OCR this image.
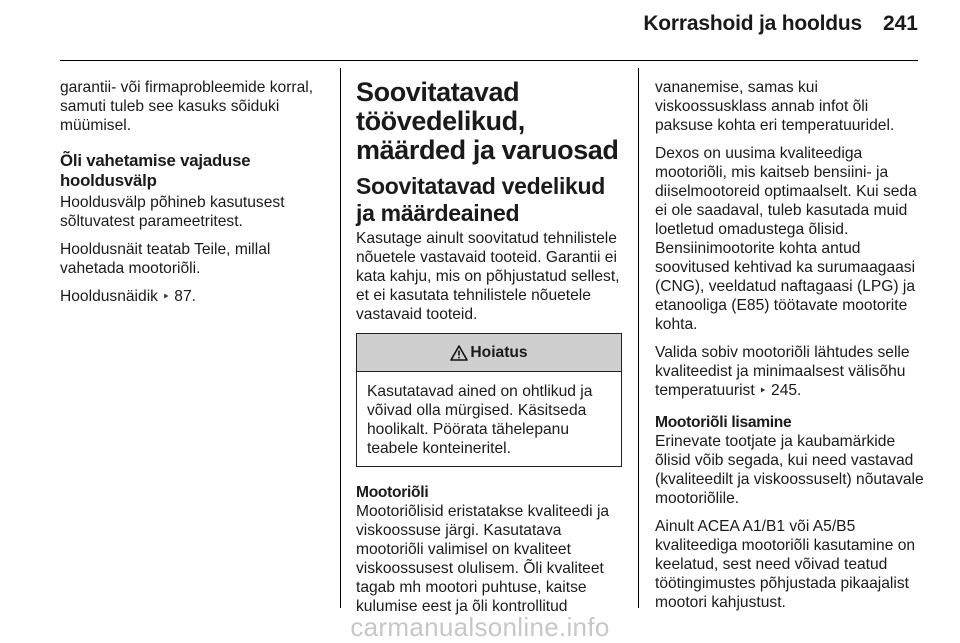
Korrashoid ja hooldus 241

garantii- või firmaprobleemide korral, samuti tuleb see kasuks sõiduki müümisel.

Õli vahetamise vajaduse hooldusvälp

Hooldusvälp põhineb kasutusest sõltuvatest parameetritest.

Hooldusnäit teatab Teile, millal vahetada mootoriõli.

Hooldusnäidik ‣ 87.

Soovitatavad töövedelikud, määrded ja varuosad
Soovitatavad vedelikud ja määrdeained

Kasutage ainult soovitatud tehnilistele nõuetele vastavaid tooteid. Garantii ei kata kahju, mis on põhjustatud sellest, et ei kasutata tehnilistele nõuetele vastavaid tooteid.

Hoiatus

Kasutatavad ained on ohtlikud ja võivad olla mürgised. Käsitseda hoolikalt. Pöörata tähelepanu teabele konteineritel.

Mootoriõli

Mootoriõlisid eristatakse kvaliteedi ja viskoossuse järgi. Kasutatava mootoriõli valimisel on kvaliteet viskoossusest olulisem. Õli kvaliteet tagab mh mootori puhtuse, kaitse kulumise eest ja õli kontrollitud

vananemise, samas kui viskoossusklass annab infot õli paksuse kohta eri temperatuuridel.

Dexos on uusima kvaliteediga mootoriõli, mis kaitseb bensiini- ja diiselmootoreid optimaalselt. Kui seda ei ole saadaval, tuleb kasutada muid loetletud omadustega õlisid. Bensiinimootorite kohta antud soovitused kehtivad ka surumaagaasi (CNG), veeldatud naftagaasi (LPG) ja etanooliga (E85) töötavate mootorite kohta.

Valida sobiv mootoriõli lähtudes selle kvaliteedist ja minimaalsest välisõhu temperatuurist ‣ 245.

Mootoriõli lisamine

Erinevate tootjate ja kaubamärkide õlisid võib segada, kui need vastavad (kvaliteedilt ja viskoossuselt) nõutavale mootoriõlile.

Ainult ACEA A1/B1 või A5/B5 kvaliteediga mootoriõli kasutamine on keelatud, sest need võivad teatud töötingimustes põhjustada pikaajalist mootori kahjustust.

carmanualsonline.info
